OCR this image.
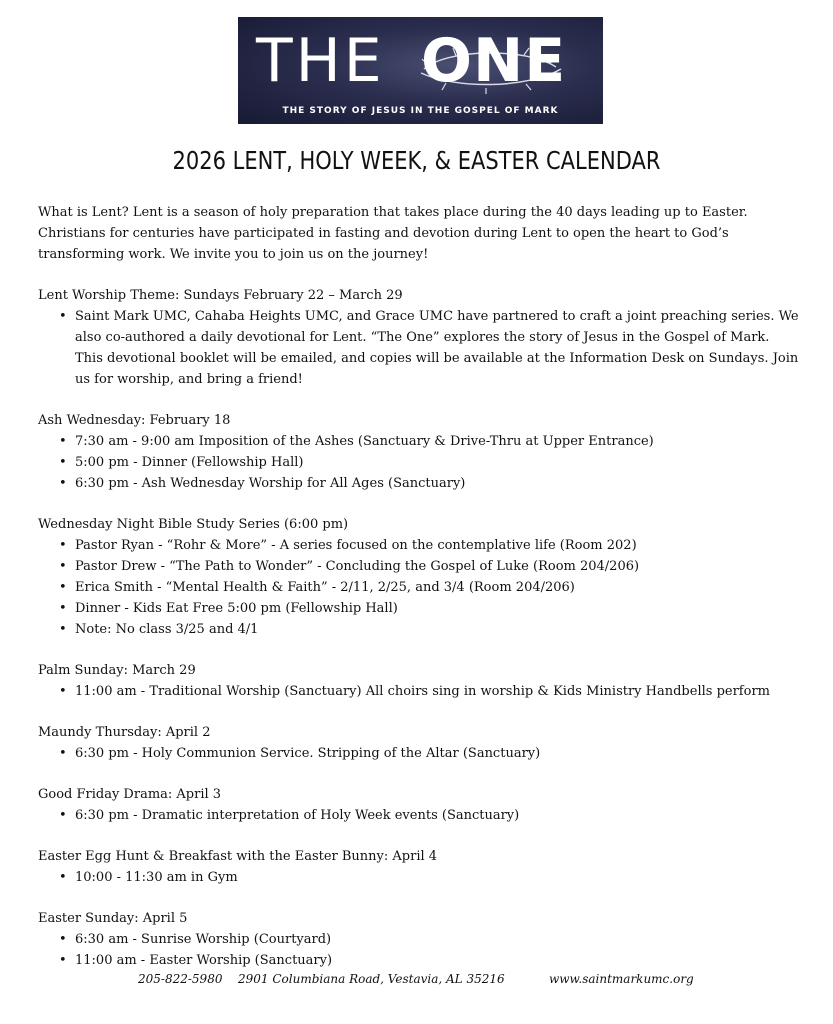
THE ONE
THE STORY OF JESUS IN THE GOSPEL OF MARK
2026 LENT, HOLY WEEK, & EASTER CALENDAR

What is Lent? Lent is a season of holy preparation that takes place during the 40 days leading up to Easter. Christians for centuries have participated in fasting and devotion during Lent to open the heart to God’s transforming work. We invite you to join us on the journey!

Lent Worship Theme: Sundays February 22 – March 29

• Saint Mark UMC, Cahaba Heights UMC, and Grace UMC have partnered to craft a joint preaching series. We also co-authored a daily devotional for Lent. “The One” explores the story of Jesus in the Gospel of Mark. This devotional booklet will be emailed, and copies will be available at the Information Desk on Sundays. Join us for worship, and bring a friend!

Ash Wednesday: February 18

• 7:30 am - 9:00 am Imposition of the Ashes (Sanctuary & Drive-Thru at Upper Entrance)
• 5:00 pm - Dinner (Fellowship Hall)
• 6:30 pm - Ash Wednesday Worship for All Ages (Sanctuary)

Wednesday Night Bible Study Series (6:00 pm)

• Pastor Ryan - “Rohr & More” - A series focused on the contemplative life (Room 202)
• Pastor Drew - “The Path to Wonder” - Concluding the Gospel of Luke (Room 204/206)
• Erica Smith - “Mental Health & Faith” - 2/11, 2/25, and 3/4 (Room 204/206)
• Dinner - Kids Eat Free 5:00 pm (Fellowship Hall)
• Note: No class 3/25 and 4/1

Palm Sunday: March 29

• 11:00 am - Traditional Worship (Sanctuary) All choirs sing in worship & Kids Ministry Handbells perform

Maundy Thursday: April 2

• 6:30 pm - Holy Communion Service. Stripping of the Altar (Sanctuary)

Good Friday Drama: April 3

• 6:30 pm - Dramatic interpretation of Holy Week events (Sanctuary)

Easter Egg Hunt & Breakfast with the Easter Bunny: April 4

• 10:00 - 11:30 am in Gym

Easter Sunday: April 5

• 6:30 am - Sunrise Worship (Courtyard)
• 11:00 am - Easter Worship (Sanctuary)
205-822-5980 2901 Columbiana Road, Vestavia, AL 35216	www.saintmarkumc.org
